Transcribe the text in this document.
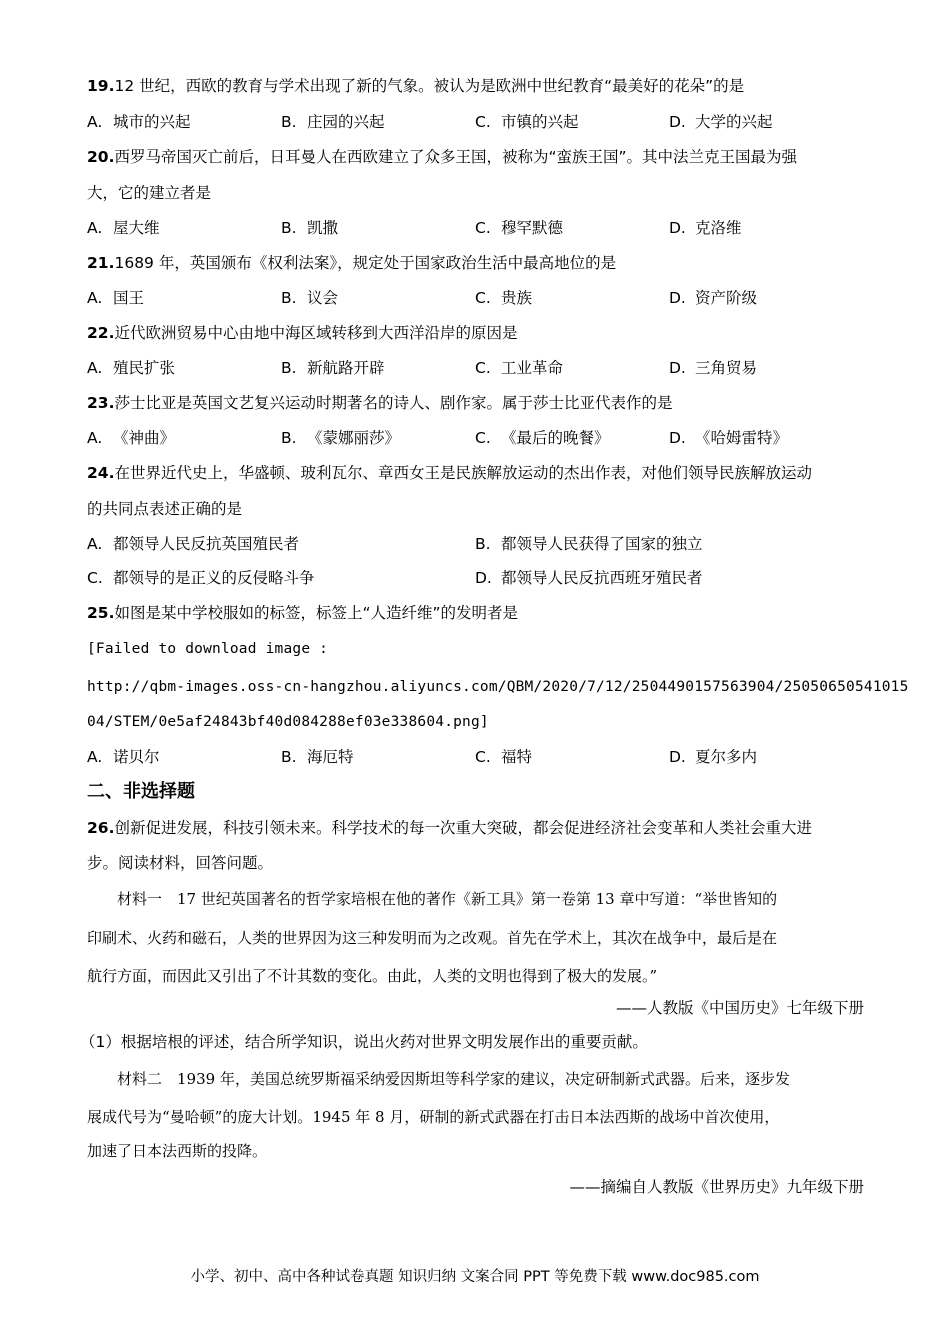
19.12 世纪，西欧的教育与学术出现了新的气象。被认为是欧洲中世纪教育“最美好的花朵”的是
A. 城市的兴起	B. 庄园的兴起	C. 市镇的兴起	D. 大学的兴起
20.西罗马帝国灭亡前后，日耳曼人在西欧建立了众多王国，被称为“蛮族王国”。其中法兰克王国最为强
大，它的建立者是
A. 屋大维	B. 凯撒	C. 穆罕默德	D. 克洛维
21.1689 年，英国颁布《权利法案》，规定处于国家政治生活中最高地位的是
A. 国王	B. 议会	C. 贵族	D. 资产阶级
22.近代欧洲贸易中心由地中海区域转移到大西洋沿岸的原因是
A. 殖民扩张	B. 新航路开辟	C. 工业革命	D. 三角贸易
23.莎士比亚是英国文艺复兴运动时期著名的诗人、剧作家。属于莎士比亚代表作的是
A. 《神曲》	B. 《蒙娜丽莎》	C. 《最后的晚餐》	D. 《哈姆雷特》
24.在世界近代史上，华盛顿、玻利瓦尔、章西女王是民族解放运动的杰出作表，对他们领导民族解放运动
的共同点表述正确的是
A. 都领导人民反抗英国殖民者	B. 都领导人民获得了国家的独立
C. 都领导的是正义的反侵略斗争	D. 都领导人民反抗西班牙殖民者
25.如图是某中学校服如的标签，标签上“人造纤维”的发明者是
[Failed to download image :
http://qbm-images.oss-cn-hangzhou.aliyuncs.com/QBM/2020/7/12/2504490157563904/25050650541015
04/STEM/0e5af24843bf40d084288ef03e338604.png]
A. 诺贝尔	B. 海厄特	C. 福特	D. 夏尔多内
二、非选择题
26.创新促进发展，科技引领未来。科学技术的每一次重大突破，都会促进经济社会变革和人类社会重大进
步。阅读材料，回答问题。
材料一　17 世纪英国著名的哲学家培根在他的著作《新工具》第一卷第 13 章中写道：“举世皆知的
印刷术、火药和磁石，人类的世界因为这三种发明而为之改观。首先在学术上，其次在战争中，最后是在
航行方面，而因此又引出了不计其数的变化。由此，人类的文明也得到了极大的发展。”
——人教版《中国历史》七年级下册
（1）根据培根的评述，结合所学知识，说出火药对世界文明发展作出的重要贡献。
材料二　1939 年，美国总统罗斯福采纳爱因斯坦等科学家的建议，决定研制新式武器。后来，逐步发
展成代号为“曼哈顿”的庞大计划。1945 年 8 月，研制的新式武器在打击日本法西斯的战场中首次使用，
加速了日本法西斯的投降。
——摘编自人教版《世界历史》九年级下册
小学、初中、高中各种试卷真题 知识归纳 文案合同 PPT 等免费下载 www.doc985.com
